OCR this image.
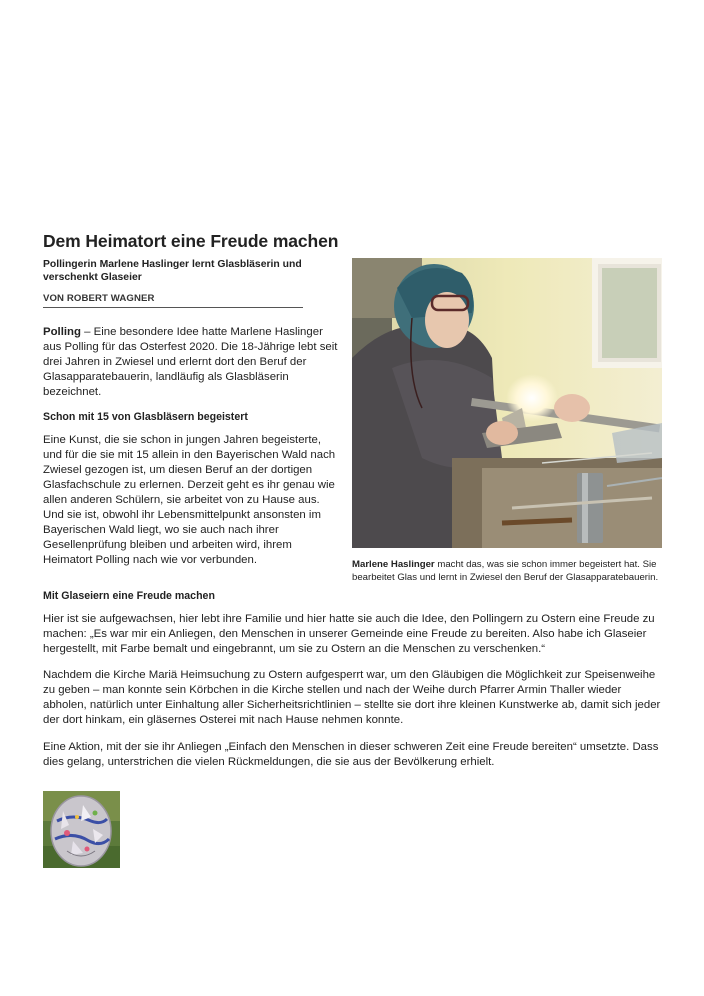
Dem Heimatort eine Freude machen
Pollingerin Marlene Haslinger lernt Glasbläserin und verschenkt Glaseier
VON ROBERT WAGNER

Polling – Eine besondere Idee hatte Marlene Haslinger aus Polling für das Osterfest 2020. Die 18-Jährige lebt seit drei Jahren in Zwiesel und erlernt dort den Beruf der Glasapparatebauerin, landläufig als Glasbläserin bezeichnet.

Schon mit 15 von Glasbläsern begeistert

Eine Kunst, die sie schon in jungen Jahren begeisterte, und für die sie mit 15 allein in den Bayerischen Wald nach Zwiesel gezogen ist, um diesen Beruf an der dortigen Glasfachschule zu erlernen. Derzeit geht es ihr genau wie allen anderen Schülern, sie arbeitet von zu Hause aus. Und sie ist, obwohl ihr Lebensmittelpunkt ansonsten im Bayerischen Wald liegt, wo sie auch nach ihrer Gesellenprüfung bleiben und arbeiten wird, ihrem Heimatort Polling nach wie vor verbunden.	Marlene Haslinger macht das, was sie schon immer begeistert hat. Sie bearbeitet Glas und lernt in Zwiesel den Beruf der Glasapparatebauerin.
Mit Glaseiern eine Freude machen

Hier ist sie aufgewachsen, hier lebt ihre Familie und hier hatte sie auch die Idee, den Pollingern zu Ostern eine Freude zu machen: „Es war mir ein Anliegen, den Menschen in unserer Gemeinde eine Freude zu bereiten. Also habe ich Glaseier hergestellt, mit Farbe bemalt und eingebrannt, um sie zu Ostern an die Menschen zu verschenken.“

Nachdem die Kirche Mariä Heimsuchung zu Ostern aufgesperrt war, um den Gläubigen die Möglichkeit zur Speisenweihe zu geben – man konnte sein Körbchen in die Kirche stellen und nach der Weihe durch Pfarrer Armin Thaller wieder abholen, natürlich unter Einhaltung aller Sicherheitsrichtlinien – stellte sie dort ihre kleinen Kunstwerke ab, damit sich jeder der dort hinkam, ein gläsernes Osterei mit nach Hause nehmen konnte.

Eine Aktion, mit der sie ihr Anliegen „Einfach den Menschen in dieser schweren Zeit eine Freude bereiten“ umsetzte. Dass dies gelang, unterstrichen die vielen Rückmeldungen, die sie aus der Bevölkerung erhielt.
